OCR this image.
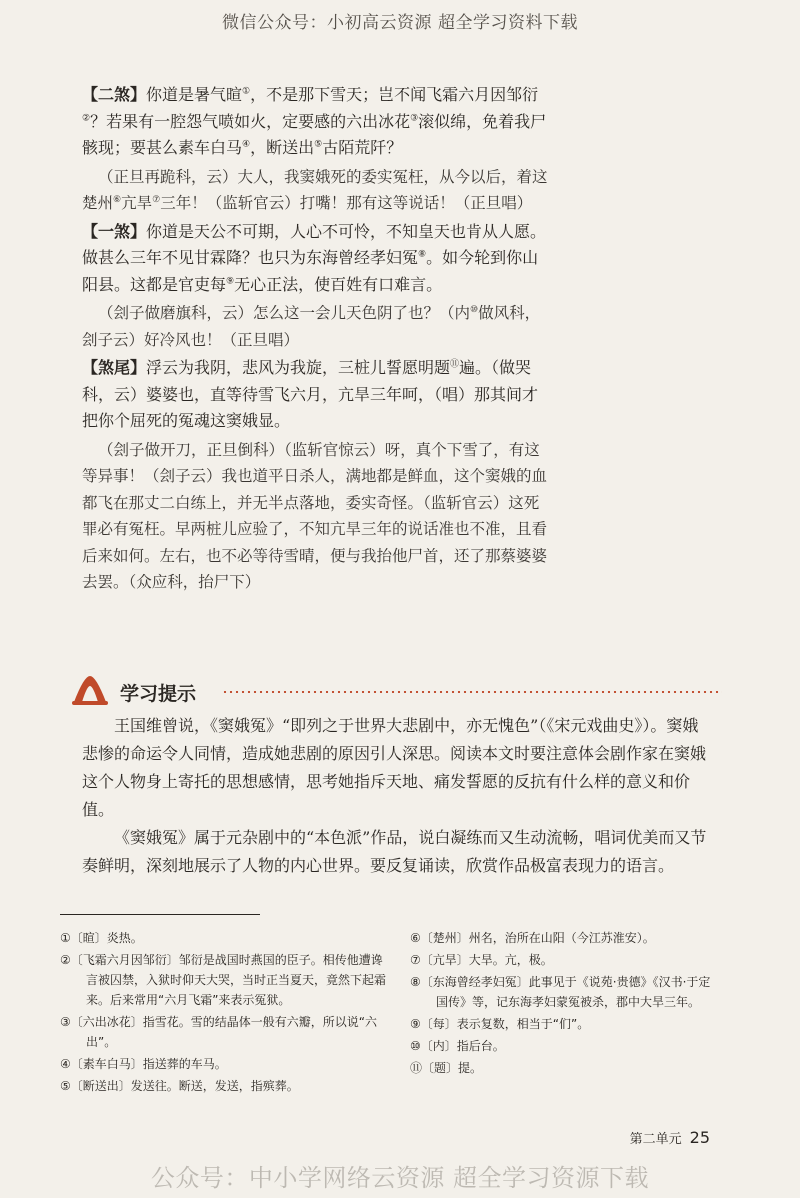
微信公众号：小初高云资源 超全学习资料下载

【二煞】你道是暑气暄①，不是那下雪天；岂不闻飞霜六月因邹衍②？若果有一腔怨气喷如火，定要感的六出冰花③滚似绵，免着我尸骸现；要甚么素车白马④，断送出⑤古陌荒阡？

（正旦再跪科，云）大人，我窦娥死的委实冤枉，从今以后，着这楚州⑥亢旱⑦三年！（监斩官云）打嘴！那有这等说话！（正旦唱）

【一煞】你道是天公不可期，人心不可怜，不知皇天也肯从人愿。做甚么三年不见甘霖降？也只为东海曾经孝妇冤⑧。如今轮到你山阳县。这都是官吏每⑨无心正法，使百姓有口难言。

（刽子做磨旗科，云）怎么这一会儿天色阴了也？（内⑩做风科，刽子云）好冷风也！（正旦唱）

【煞尾】浮云为我阴，悲风为我旋，三桩儿誓愿明题⑪遍。（做哭科，云）婆婆也，直等待雪飞六月，亢旱三年呵，（唱）那其间才把你个屈死的冤魂这窦娥显。

（刽子做开刀，正旦倒科）（监斩官惊云）呀，真个下雪了，有这等异事！（刽子云）我也道平日杀人，满地都是鲜血，这个窦娥的血都飞在那丈二白练上，并无半点落地，委实奇怪。（监斩官云）这死罪必有冤枉。早两桩儿应验了，不知亢旱三年的说话准也不准，且看后来如何。左右，也不必等待雪晴，便与我抬他尸首，还了那蔡婆婆去罢。（众应科，抬尸下）

学习提示

王国维曾说，《窦娥冤》“即列之于世界大悲剧中，亦无愧色”（《宋元戏曲史》）。窦娥悲惨的命运令人同情，造成她悲剧的原因引人深思。阅读本文时要注意体会剧作家在窦娥这个人物身上寄托的思想感情，思考她指斥天地、痛发誓愿的反抗有什么样的意义和价值。

《窦娥冤》属于元杂剧中的“本色派”作品，说白凝练而又生动流畅，唱词优美而又节奏鲜明，深刻地展示了人物的内心世界。要反复诵读，欣赏作品极富表现力的语言。

①〔暄〕炎热。

②〔飞霜六月因邹衍〕邹衍是战国时燕国的臣子。相传他遭谗言被囚禁，入狱时仰天大哭，当时正当夏天，竟然下起霜来。后来常用“六月飞霜”来表示冤狱。

③〔六出冰花〕指雪花。雪的结晶体一般有六瓣，所以说“六出”。

④〔素车白马〕指送葬的车马。

⑤〔断送出〕发送往。断送，发送，指殡葬。

⑥〔楚州〕州名，治所在山阳（今江苏淮安）。

⑦〔亢旱〕大旱。亢，极。

⑧〔东海曾经孝妇冤〕此事见于《说苑·贵德》《汉书·于定国传》等，记东海孝妇蒙冤被杀，郡中大旱三年。

⑨〔每〕表示复数，相当于“们”。

⑩〔内〕指后台。

⑪〔题〕提。

第二单元 25
公众号：中小学网络云资源 超全学习资源下载
